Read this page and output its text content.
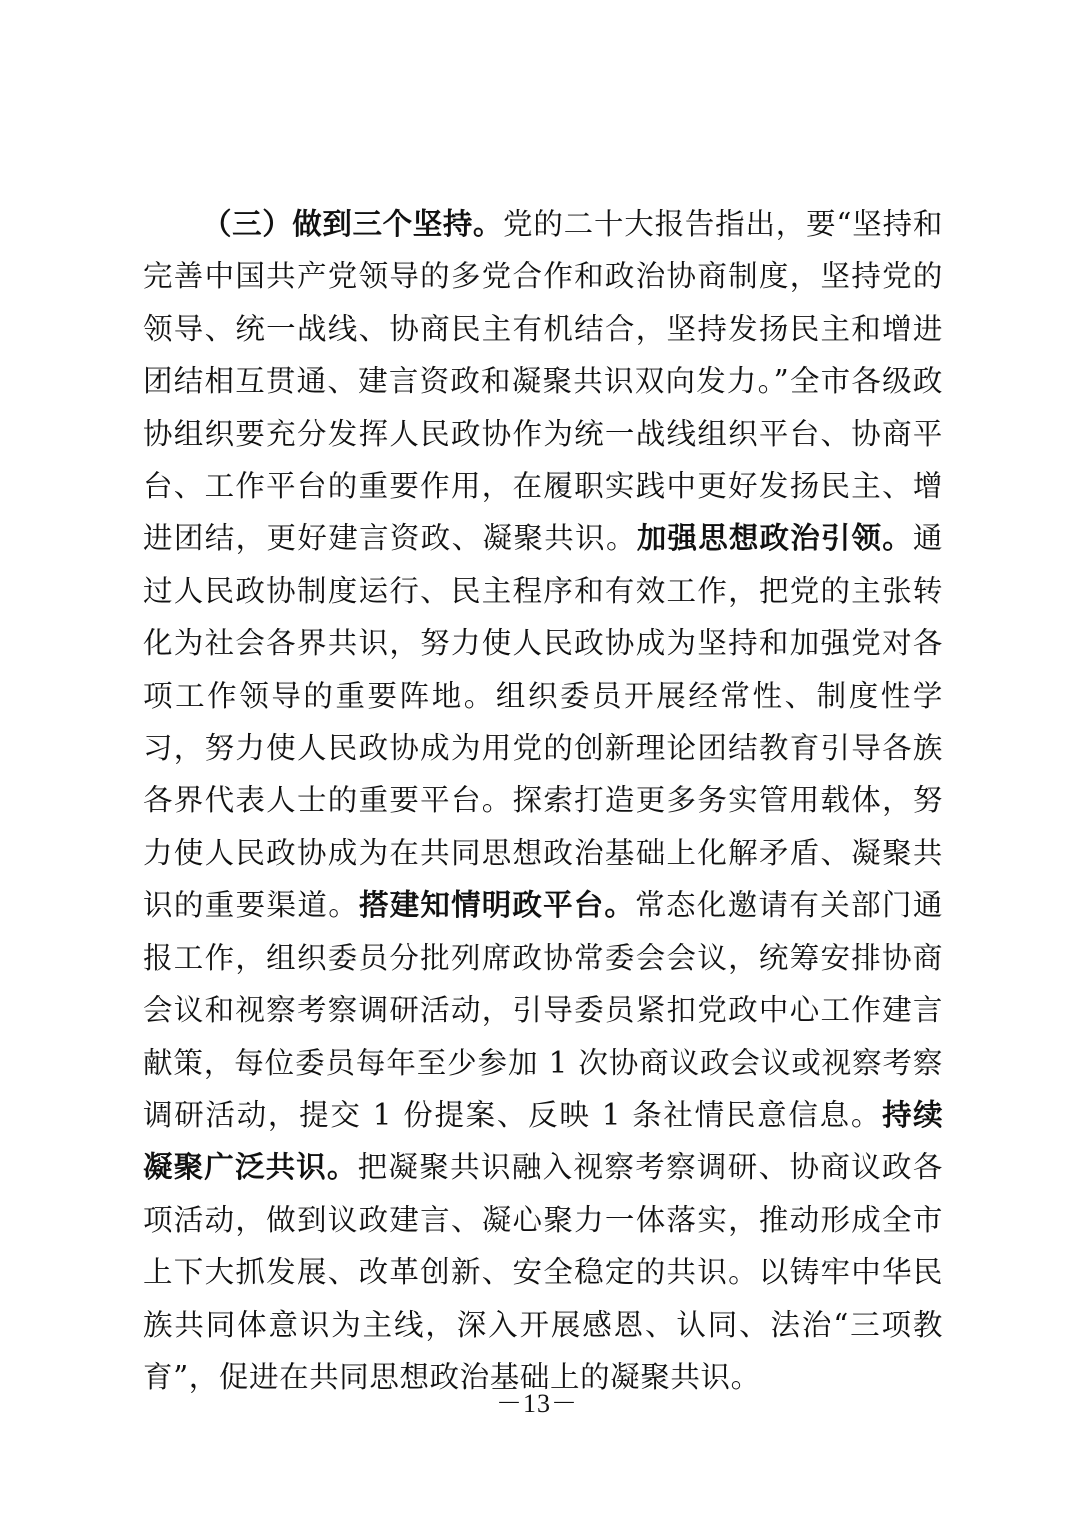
（三）做到三个坚持。党的二十大报告指出，要“坚持和完善中国共产党领导的多党合作和政治协商制度，坚持党的领导、统一战线、协商民主有机结合，坚持发扬民主和增进团结相互贯通、建言资政和凝聚共识双向发力。”全市各级政协组织要充分发挥人民政协作为统一战线组织平台、协商平台、工作平台的重要作用，在履职实践中更好发扬民主、增进团结，更好建言资政、凝聚共识。加强思想政治引领。通过人民政协制度运行、民主程序和有效工作，把党的主张转化为社会各界共识，努力使人民政协成为坚持和加强党对各项工作领导的重要阵地。组织委员开展经常性、制度性学习，努力使人民政协成为用党的创新理论团结教育引导各族各界代表人士的重要平台。探索打造更多务实管用载体，努力使人民政协成为在共同思想政治基础上化解矛盾、凝聚共识的重要渠道。搭建知情明政平台。常态化邀请有关部门通报工作，组织委员分批列席政协常委会会议，统筹安排协商会议和视察考察调研活动，引导委员紧扣党政中心工作建言献策，每位委员每年至少参加 1 次协商议政会议或视察考察调研活动，提交 1 份提案、反映 1 条社情民意信息。持续凝聚广泛共识。把凝聚共识融入视察考察调研、协商议政各项活动，做到议政建言、凝心聚力一体落实，推动形成全市上下大抓发展、改革创新、安全稳定的共识。以铸牢中华民族共同体意识为主线，深入开展感恩、认同、法治“三项教育”，促进在共同思想政治基础上的凝聚共识。

－13－
